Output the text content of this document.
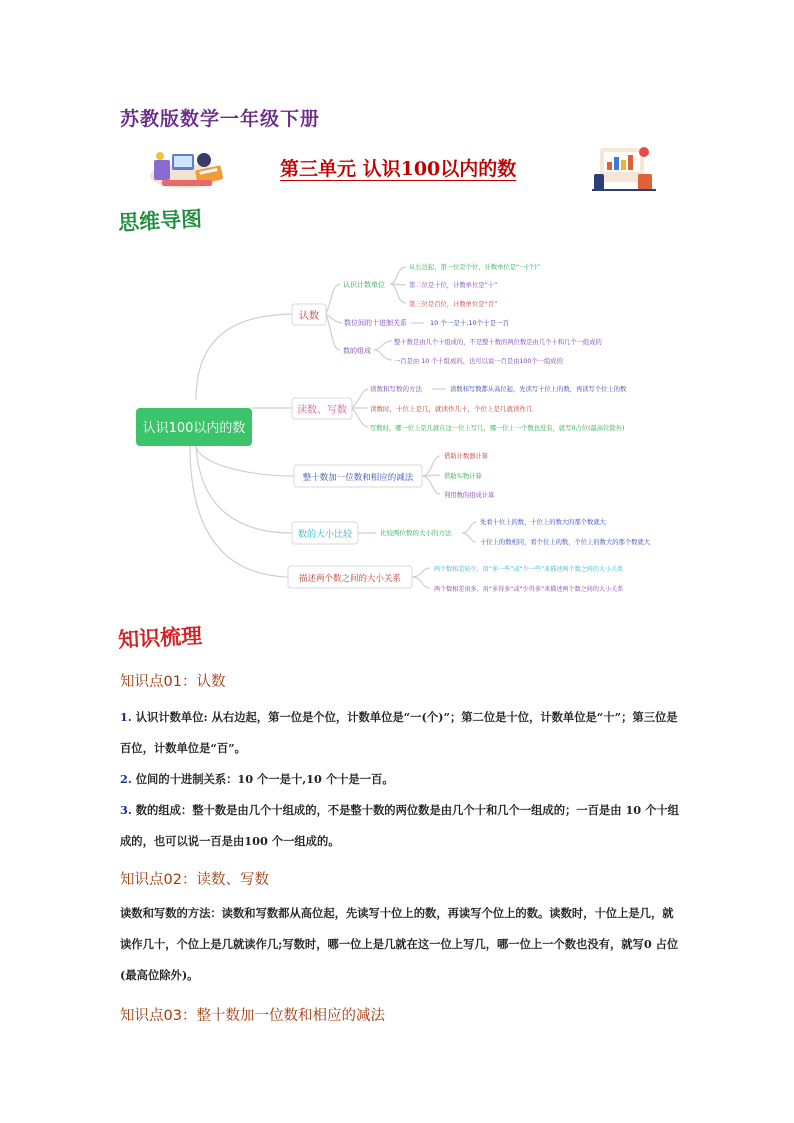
苏教版数学一年级下册
第三单元 认识100以内的数
思维导图
认识100以内的数
认数
认识计数单位
从右边起，第一位是个位，计数单位是“一(个)”
第二位是十位，计数单位是“十”
第三位是百位，计数单位是“百”
数位间的十进制关系	10 个一是十,10个十是一百
数的组成
整十数是由几个十组成的，不是整十数的两位数是由几个十和几个一组成的
一百是由 10 个十组成的，也可以说一百是由100个一组成的
读数、写数
读数和写数的方法	读数和写数都从高位起，先读写十位上的数，再读写个位上的数
读数时，十位上是几，就读作几十，个位上是几就读作几
写数时，哪一位上是几就在这一位上写几，哪一位上一个数也没有，就写0占位(最高位除外)
整十数加一位数和相应的减法
借助计数器计算
借助实物计算
利用数的组成计算
数的大小比较	比较两位数的大小的方法
先看十位上的数，十位上的数大的那个数就大
十位上的数相同，看个位上的数，个位上的数大的那个数就大
描述两个数之间的大小关系
两个数相差较少，用“多一些”或“少一些”来描述两个数之间的大小关系
两个数相差很多，用“多得多”或“少得多”来描述两个数之间的大小关系
知识梳理
知识点01：认数
1. 认识计数单位: 从右边起，第一位是个位，计数单位是“一(个)”；第二位是十位，计数单位是“十”；第三位是百位，计数单位是“百”。
2. 位间的十进制关系：10 个一是十,10 个十是一百。
3. 数的组成：整十数是由几个十组成的，不是整十数的两位数是由几个十和几个一组成的；一百是由 10 个十组成的，也可以说一百是由100 个一组成的。
知识点02：读数、写数
读数和写数的方法：读数和写数都从高位起，先读写十位上的数，再读写个位上的数。读数时，十位上是几，就读作几十，个位上是几就读作几;写数时，哪一位上是几就在这一位上写几，哪一位上一个数也没有，就写0 占位(最高位除外)。
知识点03：整十数加一位数和相应的减法
